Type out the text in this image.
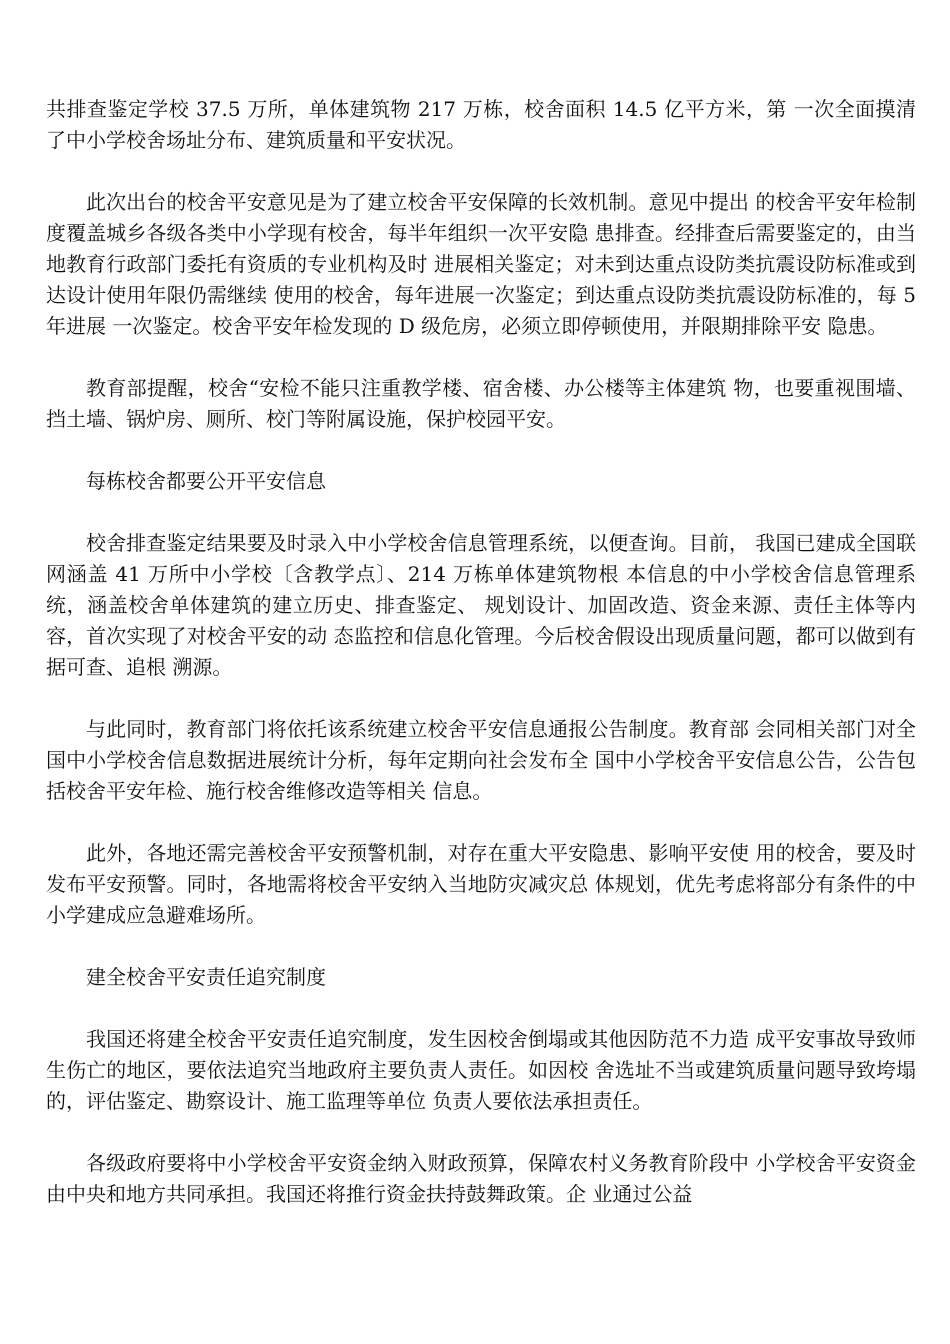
共排查鉴定学校 37.5 万所，单体建筑物 217 万栋，校舍面积 14.5 亿平方米，第 一次全面摸清了中小学校舍场址分布、建筑质量和平安状况。

此次出台的校舍平安意见是为了建立校舍平安保障的长效机制。意见中提出 的校舍平安年检制度覆盖城乡各级各类中小学现有校舍，每半年组织一次平安隐 患排查。经排查后需要鉴定的，由当地教育行政部门委托有资质的专业机构及时 进展相关鉴定；对未到达重点设防类抗震设防标准或到达设计使用年限仍需继续 使用的校舍，每年进展一次鉴定；到达重点设防类抗震设防标准的，每 5 年进展 一次鉴定。校舍平安年检发现的 D 级危房，必须立即停顿使用，并限期排除平安 隐患。

教育部提醒，校舍“安检不能只注重教学楼、宿舍楼、办公楼等主体建筑 物，也要重视围墙、挡土墙、锅炉房、厕所、校门等附属设施，保护校园平安。

每栋校舍都要公开平安信息

校舍排查鉴定结果要及时录入中小学校舍信息管理系统，以便查询。目前， 我国已建成全国联网涵盖 41 万所中小学校〔含教学点〕、214 万栋单体建筑物根 本信息的中小学校舍信息管理系统，涵盖校舍单体建筑的建立历史、排查鉴定、 规划设计、加固改造、资金来源、责任主体等内容，首次实现了对校舍平安的动 态监控和信息化管理。今后校舍假设出现质量问题，都可以做到有据可查、追根 溯源。

与此同时，教育部门将依托该系统建立校舍平安信息通报公告制度。教育部 会同相关部门对全国中小学校舍信息数据进展统计分析，每年定期向社会发布全 国中小学校舍平安信息公告，公告包括校舍平安年检、施行校舍维修改造等相关 信息。

此外，各地还需完善校舍平安预警机制，对存在重大平安隐患、影响平安使 用的校舍，要及时发布平安预警。同时，各地需将校舍平安纳入当地防灾减灾总 体规划，优先考虑将部分有条件的中小学建成应急避难场所。

建全校舍平安责任追究制度

我国还将建全校舍平安责任追究制度，发生因校舍倒塌或其他因防范不力造 成平安事故导致师生伤亡的地区，要依法追究当地政府主要负责人责任。如因校 舍选址不当或建筑质量问题导致垮塌的，评估鉴定、勘察设计、施工监理等单位 负责人要依法承担责任。

各级政府要将中小学校舍平安资金纳入财政预算，保障农村义务教育阶段中 小学校舍平安资金由中央和地方共同承担。我国还将推行资金扶持鼓舞政策。企 业通过公益
